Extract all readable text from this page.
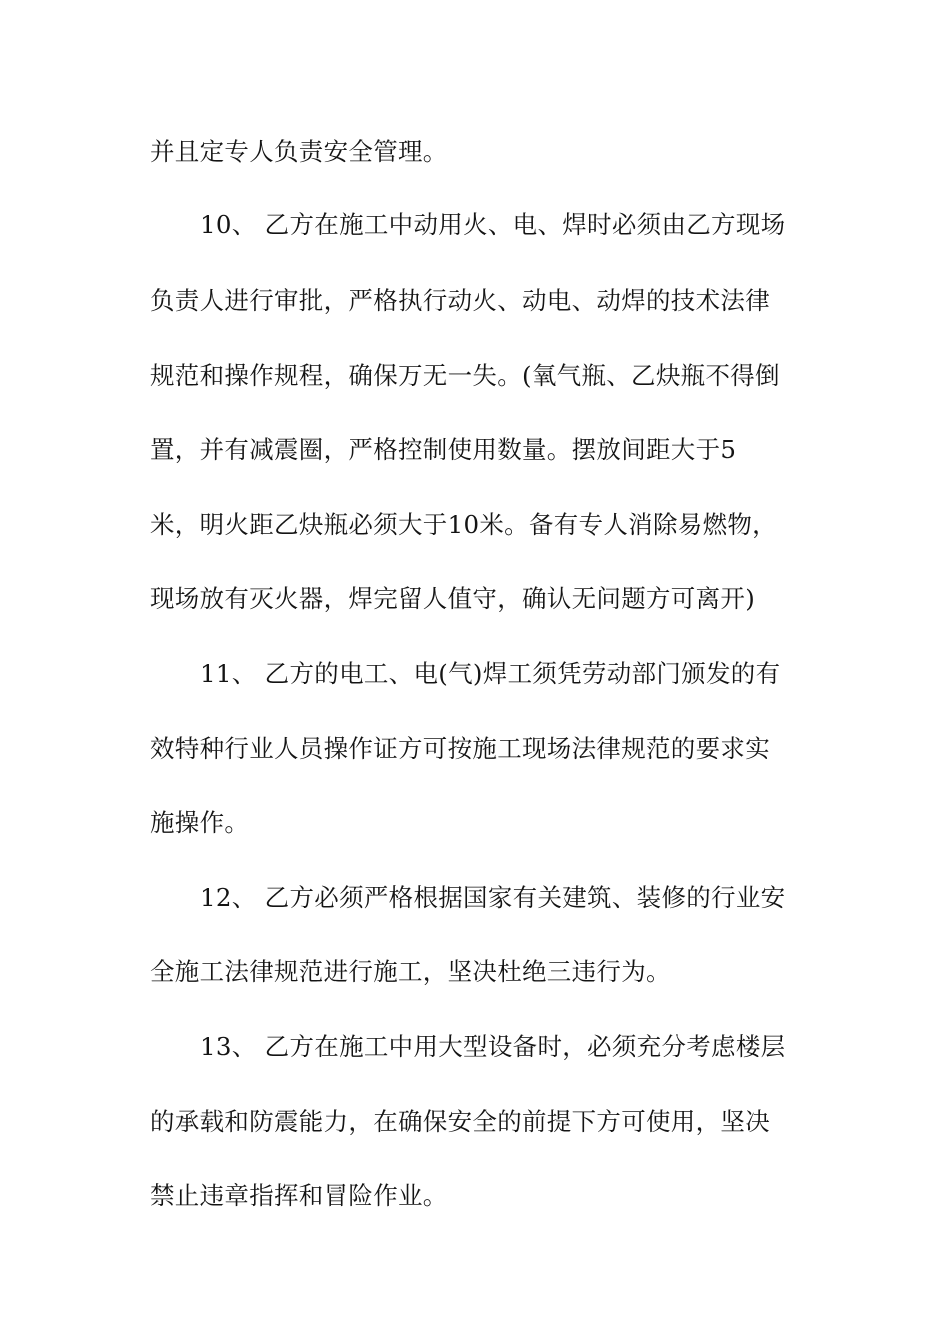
并且定专人负责安全管理。
10、 乙方在施工中动用火、电、焊时必须由乙方现场
负责人进行审批，严格执行动火、动电、动焊的技术法律
规范和操作规程，确保万无一失。(氧气瓶、乙炔瓶不得倒
置，并有减震圈，严格控制使用数量。摆放间距大于5
米，明火距乙炔瓶必须大于10米。备有专人消除易燃物，
现场放有灭火器，焊完留人值守，确认无问题方可离开)
11、 乙方的电工、电(气)焊工须凭劳动部门颁发的有
效特种行业人员操作证方可按施工现场法律规范的要求实
施操作。
12、 乙方必须严格根据国家有关建筑、装修的行业安
全施工法律规范进行施工，坚决杜绝三违行为。
13、 乙方在施工中用大型设备时，必须充分考虑楼层
的承载和防震能力，在确保安全的前提下方可使用，坚决
禁止违章指挥和冒险作业。
